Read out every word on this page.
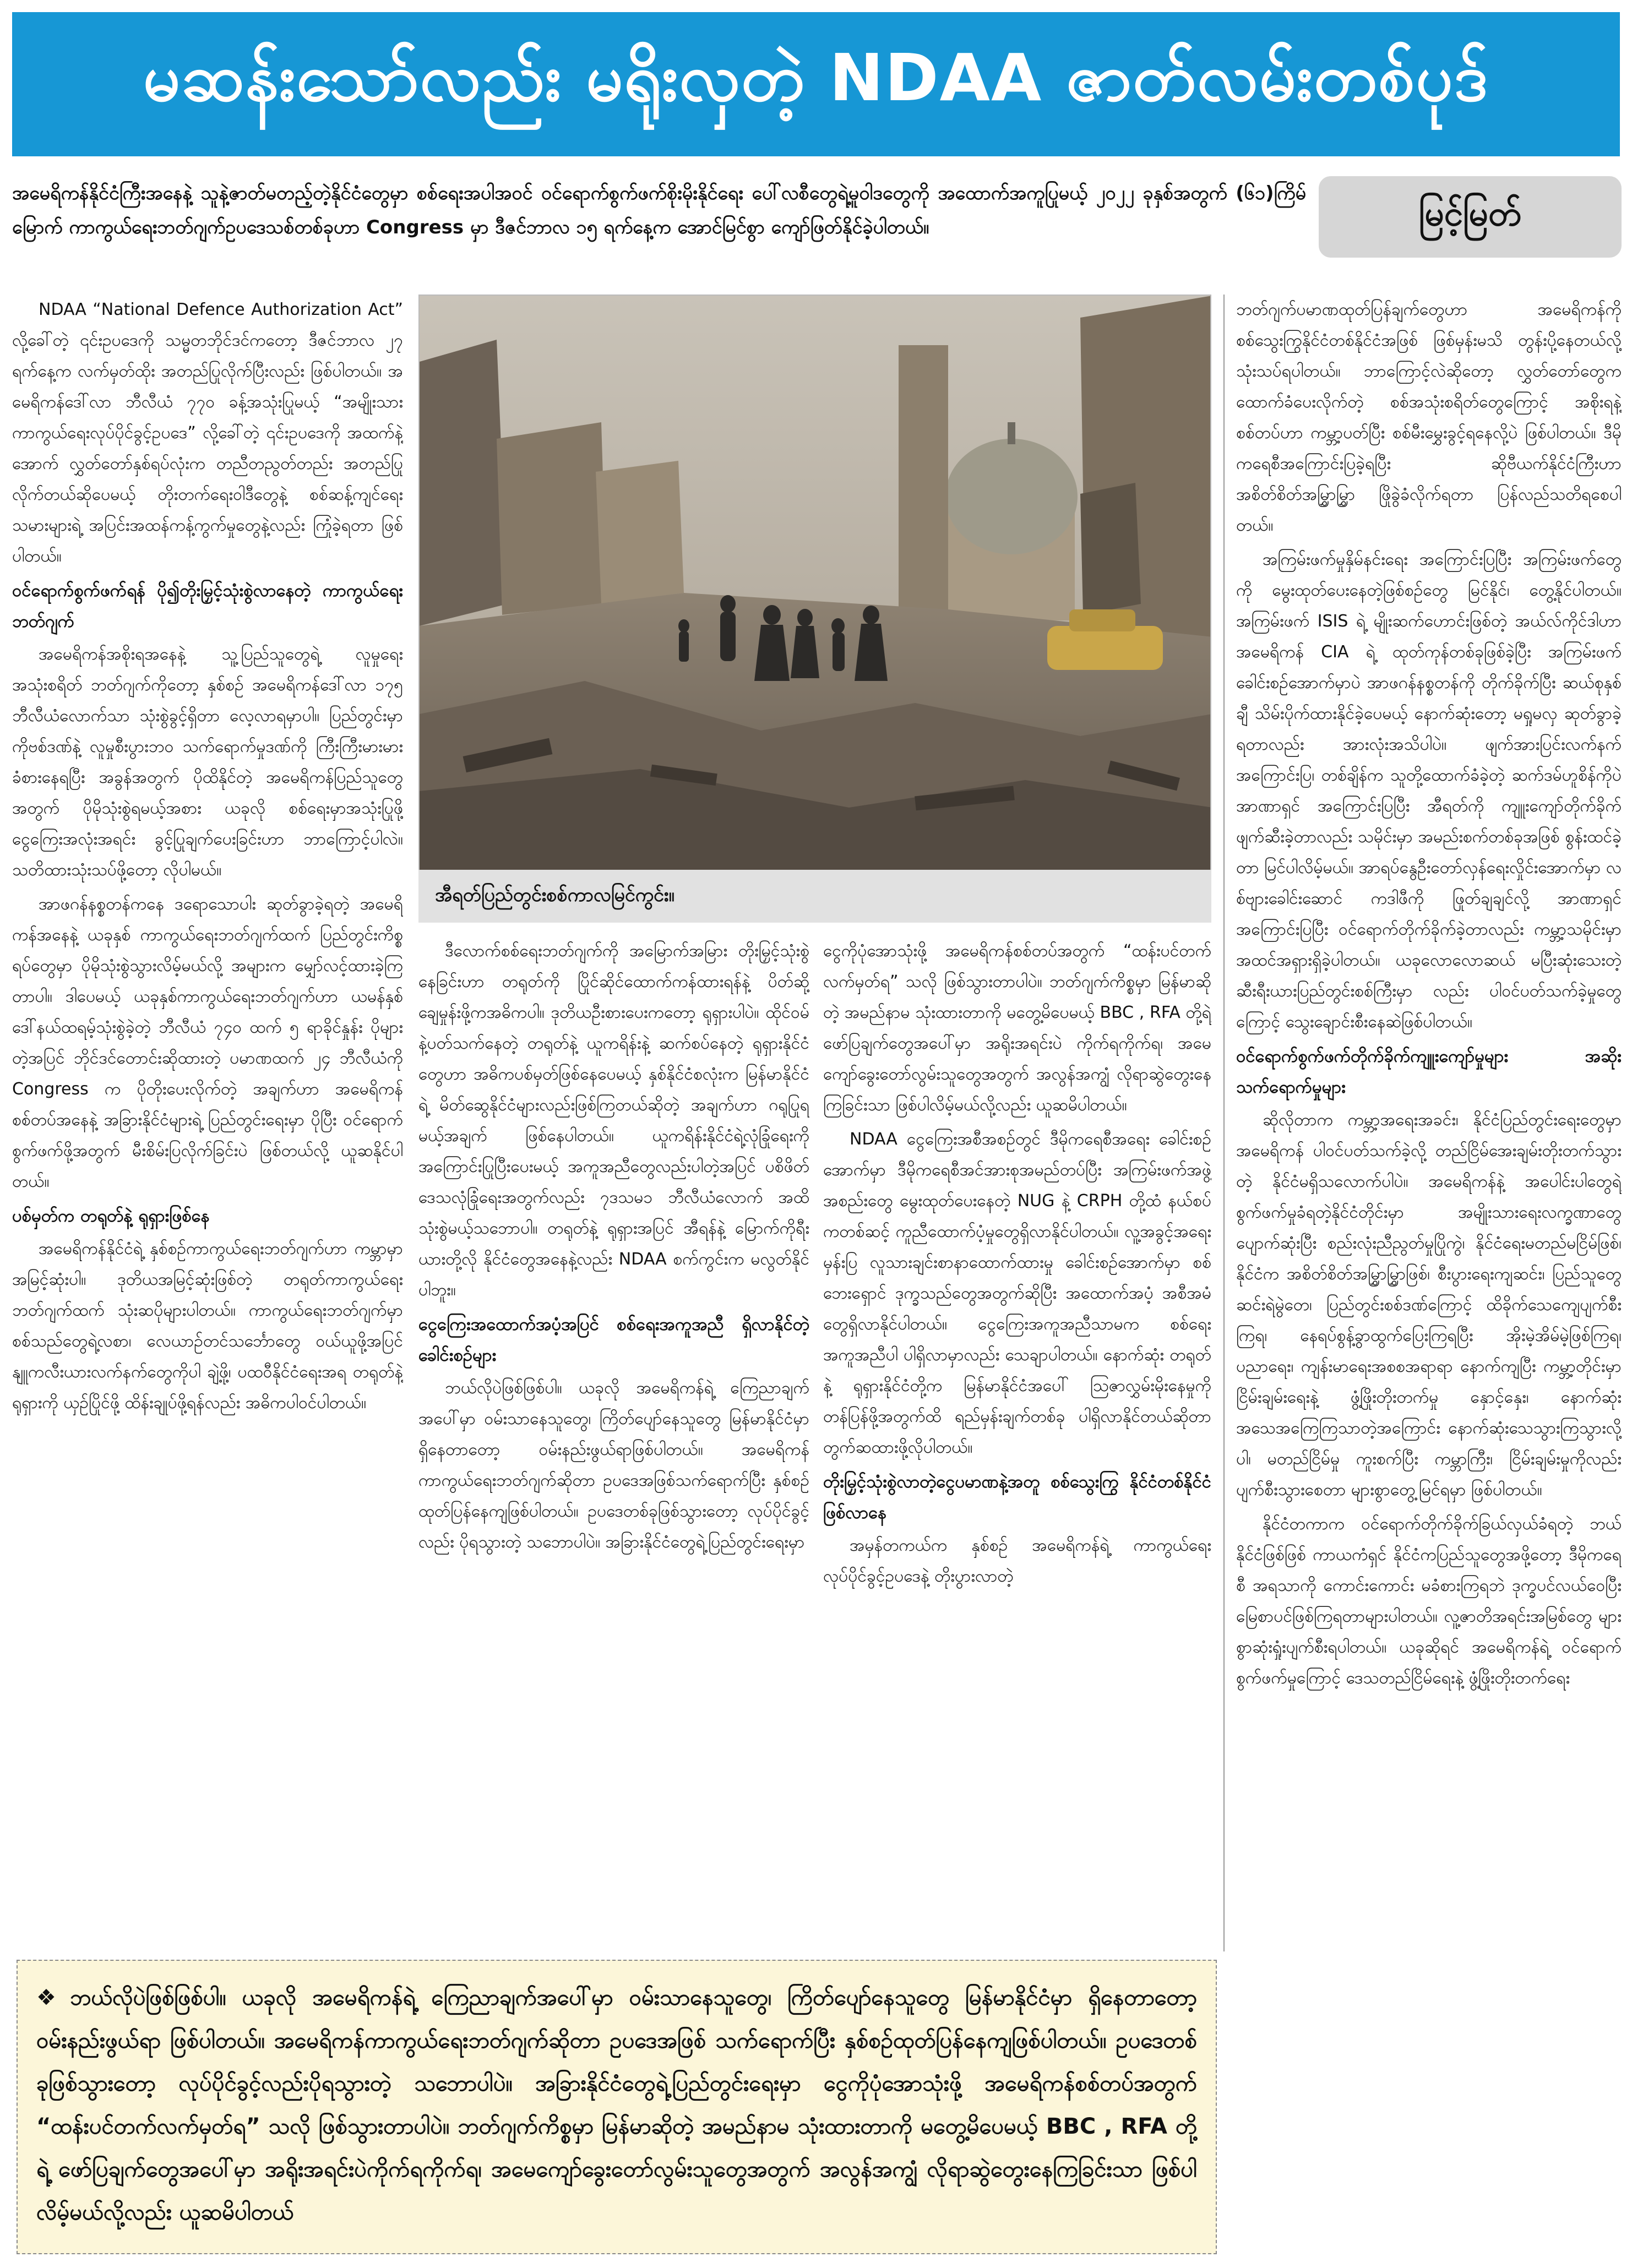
မဆန်းသော်လည်း မရိုးလှတဲ့ NDAA ဇာတ်လမ်းတစ်ပုဒ်

အမေရိကန်နိုင်ငံကြီးအနေနဲ့ သူနဲ့ဇာတ်မတည့်တဲ့နိုင်ငံတွေမှာ စစ်ရေးအပါအဝင် ဝင်ရောက်စွက်ဖက်စိုးမိုးနိုင်ရေး ပေါ်လစီတွေရဲ့မူဝါဒတွေကို အထောက်အကူပြုမယ့် ၂၀၂၂ ခုနှစ်အတွက် (၆၁)ကြိမ်မြောက် ကာကွယ်ရေးဘတ်ဂျက်ဥပဒေသစ်တစ်ခုဟာ Congress မှာ ဒီဇင်ဘာလ ၁၅ ရက်နေ့က အောင်မြင်စွာ ကျော်ဖြတ်နိုင်ခဲ့ပါတယ်။	မြင့်မြတ်

NDAA “National Defence Authorization Act” လို့ခေါ်တဲ့ ၎င်းဥပဒေကို သမ္မတဘိုင်ဒင်ကတော့ ဒီဇင်ဘာလ ၂၇ ရက်နေ့က လက်မှတ်ထိုး အတည်ပြုလိုက်ပြီးလည်း ဖြစ်ပါတယ်။ အမေရိကန်ဒေါ်လာ ဘီလီယံ ၇၇၀ ခန့်အသုံးပြုမယ့် “အမျိုးသားကာကွယ်ရေးလုပ်ပိုင်ခွင့်ဥပဒေ” လို့ခေါ်တဲ့ ၎င်းဥပဒေကို အထက်နဲ့အောက် လွှတ်တော်နှစ်ရပ်လုံးက တညီတညွတ်တည်း အတည်ပြုလိုက်တယ်ဆိုပေမယ့် တိုးတက်ရေးဝါဒီတွေနဲ့ စစ်ဆန့်ကျင်ရေးသမားများရဲ့ အပြင်းအထန်ကန့်ကွက်မှုတွေနဲ့လည်း ကြုံခဲ့ရတာ ဖြစ်ပါတယ်။

ဝင်ရောက်စွက်ဖက်ရန် ပို၍တိုးမြှင့်သုံးစွဲလာနေတဲ့ ကာကွယ်ရေးဘတ်ဂျက်

အမေရိကန်အစိုးရအနေနဲ့ သူ့ပြည်သူတွေရဲ့ လူမှုရေးအသုံးစရိတ် ဘတ်ဂျက်ကိုတော့ နှစ်စဉ် အမေရိကန်ဒေါ်လာ ၁၇၅ ဘီလီယံလောက်သာ သုံးစွဲခွင့်ရှိတာ လေ့လာရမှာပါ။ ပြည်တွင်းမှာ ကိုဗစ်ဒဏ်နဲ့ လူမှုစီးပွားဘဝ သက်ရောက်မှုဒဏ်ကို ကြီးကြီးမားမားခံစားနေရပြီး အခွန်အတွက် ပိုထိနိုင်တဲ့ အမေရိကန်ပြည်သူတွေအတွက် ပိုမိုသုံးစွဲရမယ့်အစား ယခုလို စစ်ရေးမှာအသုံးပြုဖို့ ငွေကြေးအလုံးအရင်း ခွင့်ပြုချက်ပေးခြင်းဟာ ဘာကြောင့်ပါလဲ။ သတိထားသုံးသပ်ဖို့တော့ လိုပါမယ်။

အာဖဂန်နစ္စတန်ကနေ ဒရောသောပါး ဆုတ်ခွာခဲ့ရတဲ့ အမေရိကန်အနေနဲ့ ယခုနှစ် ကာကွယ်ရေးဘတ်ဂျက်ထက် ပြည်တွင်းကိစ္စရပ်တွေမှာ ပိုမိုသုံးစွဲသွားလိမ့်မယ်လို့ အများက မျှော်လင့်ထားခဲ့ကြတာပါ။ ဒါပေမယ့် ယခုနှစ်ကာကွယ်ရေးဘတ်ဂျက်ဟာ ယမန်နှစ် ဒေါ်နယ်ထရမ့်သုံးစွဲခဲ့တဲ့ ဘီလီယံ ၇၄၀ ထက် ၅ ရာခိုင်နှုန်း ပိုများတဲ့အပြင် ဘိုင်ဒင်တောင်းဆိုထားတဲ့ ပမာဏထက် ၂၄ ဘီလီယံကို Congress က ပိုတိုးပေးလိုက်တဲ့ အချက်ဟာ အမေရိကန်စစ်တပ်အနေနဲ့ အခြားနိုင်ငံများရဲ့ ပြည်တွင်းရေးမှာ ပိုပြီး ဝင်ရောက်စွက်ဖက်ဖို့အတွက် မီးစိမ်းပြလိုက်ခြင်းပဲ ဖြစ်တယ်လို့ ယူဆနိုင်ပါတယ်။

ပစ်မှတ်က တရုတ်နဲ့ ရုရှားဖြစ်နေ

အမေရိကန်နိုင်ငံရဲ့ နှစ်စဉ်ကာကွယ်ရေးဘတ်ဂျက်ဟာ ကမ္ဘာမှာ အမြင့်ဆုံးပါ။ ဒုတိယအမြင့်ဆုံးဖြစ်တဲ့ တရုတ်ကာကွယ်ရေးဘတ်ဂျက်ထက် သုံးဆပိုများပါတယ်။ ကာကွယ်ရေးဘတ်ဂျက်မှာ စစ်သည်တွေရဲ့လစာ၊ လေယာဉ်တင်သင်္ဘောတွေ ဝယ်ယူဖို့အပြင် နျူကလီးယားလက်နက်တွေကိုပါ ချဲ့ဖို့၊ ပထဝီနိုင်ငံရေးအရ တရုတ်နဲ့ရုရှားကို ယှဉ်ပြိုင်ဖို့ ထိန်းချုပ်ဖို့ရန်လည်း အဓိကပါဝင်ပါတယ်။

အီရတ်ပြည်တွင်းစစ်ကာလမြင်ကွင်း။

ဒီလောက်စစ်ရေးဘတ်ဂျက်ကို အမြောက်အမြား တိုးမြှင့်သုံးစွဲနေခြင်းဟာ တရုတ်ကို ပြိုင်ဆိုင်ထောက်ကန်ထားရန်နဲ့ ပိတ်ဆို့ချေမှုန်းဖို့ကအဓိကပါ။ ဒုတိယဦးစားပေးကတော့ ရုရှားပါပဲ။ ထိုင်ဝမ်နဲ့ပတ်သက်နေတဲ့ တရုတ်နဲ့ ယူကရိန်းနဲ့ ဆက်စပ်နေတဲ့ ရုရှားနိုင်ငံတွေဟာ အဓိကပစ်မှတ်ဖြစ်နေပေမယ့် နှစ်နိုင်ငံစလုံးက မြန်မာနိုင်ငံရဲ့ မိတ်ဆွေနိုင်ငံများလည်းဖြစ်ကြတယ်ဆိုတဲ့ အချက်ဟာ ဂရုပြုရမယ့်အချက် ဖြစ်နေပါတယ်။ ယူကရိန်းနိုင်ငံရဲ့လုံခြုံရေးကို အကြောင်းပြုပြီးပေးမယ့် အကူအညီတွေလည်းပါတဲ့အပြင် ပစိဖိတ်ဒေသလုံခြုံရေးအတွက်လည်း ၇ဒသမ၁ ဘီလီယံလောက် အထိ သုံးစွဲမယ့်သဘောပါ။ တရုတ်နဲ့ ရုရှားအပြင် အီရန်နဲ့ မြောက်ကိုရီးယားတို့လို နိုင်ငံတွေအနေနဲ့လည်း NDAA စက်ကွင်းက မလွတ်နိုင်ပါဘူး။

ငွေကြေးအထောက်အပံ့အပြင် စစ်ရေးအကူအညီ ရှိလာနိုင်တဲ့ ခေါင်းစဉ်များ

ဘယ်လိုပဲဖြစ်ဖြစ်ပါ။ ယခုလို အမေရိကန်ရဲ့ ကြေညာချက်အပေါ်မှာ ဝမ်းသာနေသူတွေ၊ ကြိတ်ပျော်နေသူတွေ မြန်မာနိုင်ငံမှာ ရှိနေတာတော့ ဝမ်းနည်းဖွယ်ရာဖြစ်ပါတယ်။ အမေရိကန်ကာကွယ်ရေးဘတ်ဂျက်ဆိုတာ ဥပဒေအဖြစ်သက်ရောက်ပြီး နှစ်စဉ် ထုတ်ပြန်နေကျဖြစ်ပါတယ်။ ဥပဒေတစ်ခုဖြစ်သွားတော့ လုပ်ပိုင်ခွင့်လည်း ပိုရသွားတဲ့ သဘောပါပဲ။ အခြားနိုင်ငံတွေရဲ့ပြည်တွင်းရေးမှာ

ငွေကိုပုံအောသုံးဖို့ အမေရိကန်စစ်တပ်အတွက် “ထန်းပင်တက်လက်မှတ်ရ” သလို ဖြစ်သွားတာပါပဲ။ ဘတ်ဂျက်ကိစ္စမှာ မြန်မာဆိုတဲ့ အမည်နာမ သုံးထားတာကို မတွေ့မိပေမယ့် BBC , RFA တို့ရဲ့ ဖော်ပြချက်တွေအပေါ်မှာ အရိုးအရင်းပဲ ကိုက်ရကိုက်ရ၊ အမေကျော်ခွေးတော်လွမ်းသူတွေအတွက် အလွန်အကျွံ လိုရာဆွဲတွေးနေကြခြင်းသာ ဖြစ်ပါလိမ့်မယ်လို့လည်း ယူဆမိပါတယ်။

NDAA ငွေကြေးအစီအစဉ်တွင် ဒီမိုကရေစီအရေး ခေါင်းစဉ်အောက်မှာ ဒီမိုကရေစီအင်အားစုအမည်တပ်ပြီး အကြမ်းဖက်အဖွဲ့အစည်းတွေ မွေးထုတ်ပေးနေတဲ့ NUG နဲ့ CRPH တို့ထံ နယ်စပ်ကတစ်ဆင့် ကူညီထောက်ပံ့မှုတွေရှိလာနိုင်ပါတယ်။ လူ့အခွင့်အရေးမှန်းပြ လူသားချင်းစာနာထောက်ထားမှု ခေါင်းစဉ်အောက်မှာ စစ်ဘေးရှောင် ဒုက္ခသည်တွေအတွက်ဆိုပြီး အထောက်အပံ့ အစီအမံတွေရှိလာနိုင်ပါတယ်။ ငွေကြေးအကူအညီသာမက စစ်ရေးအကူအညီပါ ပါရှိလာမှာလည်း သေချာပါတယ်။ နောက်ဆုံး တရုတ်နဲ့ ရုရှားနိုင်ငံတို့က မြန်မာနိုင်ငံအပေါ် ဩဇာလွှမ်းမိုးနေမှုကို တန်ပြန်ဖို့အတွက်ထိ ရည်မှန်းချက်တစ်ခု ပါရှိလာနိုင်တယ်ဆိုတာ တွက်ဆထားဖို့လိုပါတယ်။

တိုးမြှင့်သုံးစွဲလာတဲ့ငွေပမာဏနဲ့အတူ စစ်သွေးကြွ နိုင်ငံတစ်နိုင်ငံဖြစ်လာနေ

အမှန်တကယ်က နှစ်စဉ် အမေရိကန်ရဲ့ ကာကွယ်ရေးလုပ်ပိုင်ခွင့်ဥပဒေနဲ့ တိုးပွားလာတဲ့

ဘတ်ဂျက်ပမာဏထုတ်ပြန်ချက်တွေဟာ အမေရိကန်ကို စစ်သွေးကြွနိုင်ငံတစ်နိုင်ငံအဖြစ် ဖြစ်မှန်းမသိ တွန်းပို့နေတယ်လို့ သုံးသပ်ရပါတယ်။ ဘာကြောင့်လဲဆိုတော့ လွှတ်တော်တွေက ထောက်ခံပေးလိုက်တဲ့ စစ်အသုံးစရိတ်တွေကြောင့် အစိုးရနဲ့ စစ်တပ်ဟာ ကမ္ဘာ့ပတ်ပြီး စစ်မီးမွှေးခွင့်ရနေလို့ပဲ ဖြစ်ပါတယ်။ ဒီမိုကရေစီအကြောင်းပြခဲ့ရပြီး ဆိုဗီယက်နိုင်ငံကြီးဟာ အစိတ်စိတ်အမြွှာမြွှာ ဖြိုခွဲခံလိုက်ရတာ ပြန်လည်သတိရစေပါတယ်။

အကြမ်းဖက်မှုနှိမ်နင်းရေး အကြောင်းပြပြီး အကြမ်းဖက်တွေကို မွေးထုတ်ပေးနေတဲ့ဖြစ်စဉ်တွေ မြင်နိုင်၊ တွေ့နိုင်ပါတယ်။ အကြမ်းဖက် ISIS ရဲ့ မျိုးဆက်ဟောင်းဖြစ်တဲ့ အယ်လ်ကိုင်ဒါဟာ အမေရိကန် CIA ရဲ့ ထုတ်ကုန်တစ်ခုဖြစ်ခဲ့ပြီး အကြမ်းဖက်ခေါင်းစဉ်အောက်မှာပဲ အာဖဂန်နစ္စတန်ကို တိုက်ခိုက်ပြီး ဆယ်စုနှစ်ချီ သိမ်းပိုက်ထားနိုင်ခဲ့ပေမယ့် နောက်ဆုံးတော့ မရှုမလှ ဆုတ်ခွာခဲ့ရတာလည်း အားလုံးအသိပါပဲ။ ဖျက်အားပြင်းလက်နက်အကြောင်းပြ၊ တစ်ချိန်က သူတို့ထောက်ခံခဲ့တဲ့ ဆက်ဒမ်ဟူစိန်ကိုပဲ အာဏာရှင် အကြောင်းပြပြီး အီရတ်ကို ကျူးကျော်တိုက်ခိုက်ဖျက်ဆီးခဲ့တာလည်း သမိုင်းမှာ အမည်းစက်တစ်ခုအဖြစ် စွန်းထင်ခဲ့တာ မြင်ပါလိမ့်မယ်။ အာရပ်နွေဦးတော်လှန်ရေးလှိုင်းအောက်မှာ လစ်ဗျားခေါင်းဆောင် ကဒါဖီကို ဖြုတ်ချချင်လို့ အာဏာရှင်အကြောင်းပြပြီး ဝင်ရောက်တိုက်ခိုက်ခဲ့တာလည်း ကမ္ဘာ့သမိုင်းမှာ အထင်အရှားရှိခဲ့ပါတယ်။ ယခုလောလောဆယ် မပြီးဆုံးသေးတဲ့ ဆီးရီးယားပြည်တွင်းစစ်ကြီးမှာ လည်း ပါဝင်ပတ်သက်ခဲ့မှုတွေကြောင့် သွေးချောင်းစီးနေဆဲဖြစ်ပါတယ်။

ဝင်ရောက်စွက်ဖက်တိုက်ခိုက်ကျူးကျော်မှုများ အဆိုးသက်ရောက်မှုများ

ဆိုလိုတာက ကမ္ဘာ့အရေးအခင်း၊ နိုင်ငံပြည်တွင်းရေးတွေမှာ အမေရိကန် ပါဝင်ပတ်သက်ခဲ့လို့ တည်ငြိမ်အေးချမ်းတိုးတက်သွားတဲ့ နိုင်ငံမရှိသလောက်ပါပဲ။ အမေရိကန်နဲ့ အပေါင်းပါတွေရဲ့ စွက်ဖက်မှုခံရတဲ့နိုင်ငံတိုင်းမှာ အမျိုးသားရေးလက္ခဏာတွေပျောက်ဆုံးပြီး စည်းလုံးညီညွတ်မှုပြိုကွဲ၊ နိုင်ငံရေးမတည်မငြိမ်ဖြစ်၊ နိုင်ငံက အစိတ်စိတ်အမြွှာမြွှာဖြစ်၊ စီးပွားရေးကျဆင်း၊ ပြည်သူတွေဆင်းရဲမွဲတေ၊ ပြည်တွင်းစစ်ဒဏ်ကြောင့် ထိခိုက်သေကျေပျက်စီးကြရ၊ နေရပ်စွန့်ခွာထွက်ပြေးကြရပြီး အိုးမဲ့အိမ်မဲ့ဖြစ်ကြရ၊ ပညာရေး၊ ကျန်းမာရေးအစစအရာရာ နောက်ကျပြီး ကမ္ဘာ့တိုင်းမှာ ငြိမ်းချမ်းရေးနဲ့ ဖွံ့ဖြိုးတိုးတက်မှု နှောင့်နှေး၊ နောက်ဆုံးအသေအကြေကြသာတဲ့အကြောင်း နောက်ဆုံးသေသွားကြသွားလို့ပါ၊ မတည်ငြိမ်မှု ကူးစက်ပြီး ကမ္ဘာကြီး၊ ငြိမ်းချမ်းမှုကိုလည်း ပျက်စီးသွားစေတာ များစွာတွေ့မြင်ရမှာ ဖြစ်ပါတယ်။

နိုင်ငံတကာက ဝင်ရောက်တိုက်ခိုက်ခြယ်လှယ်ခံရတဲ့ ဘယ်နိုင်ငံဖြစ်ဖြစ် ကာယကံရှင် နိုင်ငံကပြည်သူတွေအဖို့တော့ ဒီမိုကရေစီ အရသာကို ကောင်းကောင်း မခံစားကြရဘဲ ဒုက္ခပင်လယ်ဝေပြီး မြေစာပင်ဖြစ်ကြရတာများပါတယ်။ လူ့ဇာတိအရင်းအမြစ်တွေ များစွာဆုံးရှုံးပျက်စီးရပါတယ်။ ယခုဆိုရင် အမေရိကန်ရဲ့ ဝင်ရောက်စွက်ဖက်မှုကြောင့် ဒေသတည်ငြိမ်ရေးနဲ့ ဖွံ့ဖြိုးတိုးတက်ရေး

❖ ဘယ်လိုပဲဖြစ်ဖြစ်ပါ။ ယခုလို အမေရိကန်ရဲ့ ကြေညာချက်အပေါ်မှာ ဝမ်းသာနေသူတွေ၊ ကြိတ်ပျော်နေသူတွေ မြန်မာနိုင်ငံမှာ ရှိနေတာတော့ ဝမ်းနည်းဖွယ်ရာ ဖြစ်ပါတယ်။ အမေရိကန်ကာကွယ်ရေးဘတ်ဂျက်ဆိုတာ ဥပဒေအဖြစ် သက်ရောက်ပြီး နှစ်စဉ်ထုတ်ပြန်နေကျဖြစ်ပါတယ်။ ဥပဒေတစ်ခုဖြစ်သွားတော့ လုပ်ပိုင်ခွင့်လည်းပိုရသွားတဲ့ သဘောပါပဲ။ အခြားနိုင်ငံတွေရဲ့ပြည်တွင်းရေးမှာ ငွေကိုပုံအောသုံးဖို့ အမေရိကန်စစ်တပ်အတွက် “ထန်းပင်တက်လက်မှတ်ရ” သလို ဖြစ်သွားတာပါပဲ။ ဘတ်ဂျက်ကိစ္စမှာ မြန်မာဆိုတဲ့ အမည်နာမ သုံးထားတာကို မတွေ့မိပေမယ့် BBC , RFA တို့ရဲ့ ဖော်ပြချက်တွေအပေါ်မှာ အရိုးအရင်းပဲကိုက်ရကိုက်ရ၊ အမေကျော်ခွေးတော်လွမ်းသူတွေအတွက် အလွန်အကျွံ လိုရာဆွဲတွေးနေကြခြင်းသာ ဖြစ်ပါလိမ့်မယ်လို့လည်း ယူဆမိပါတယ်
